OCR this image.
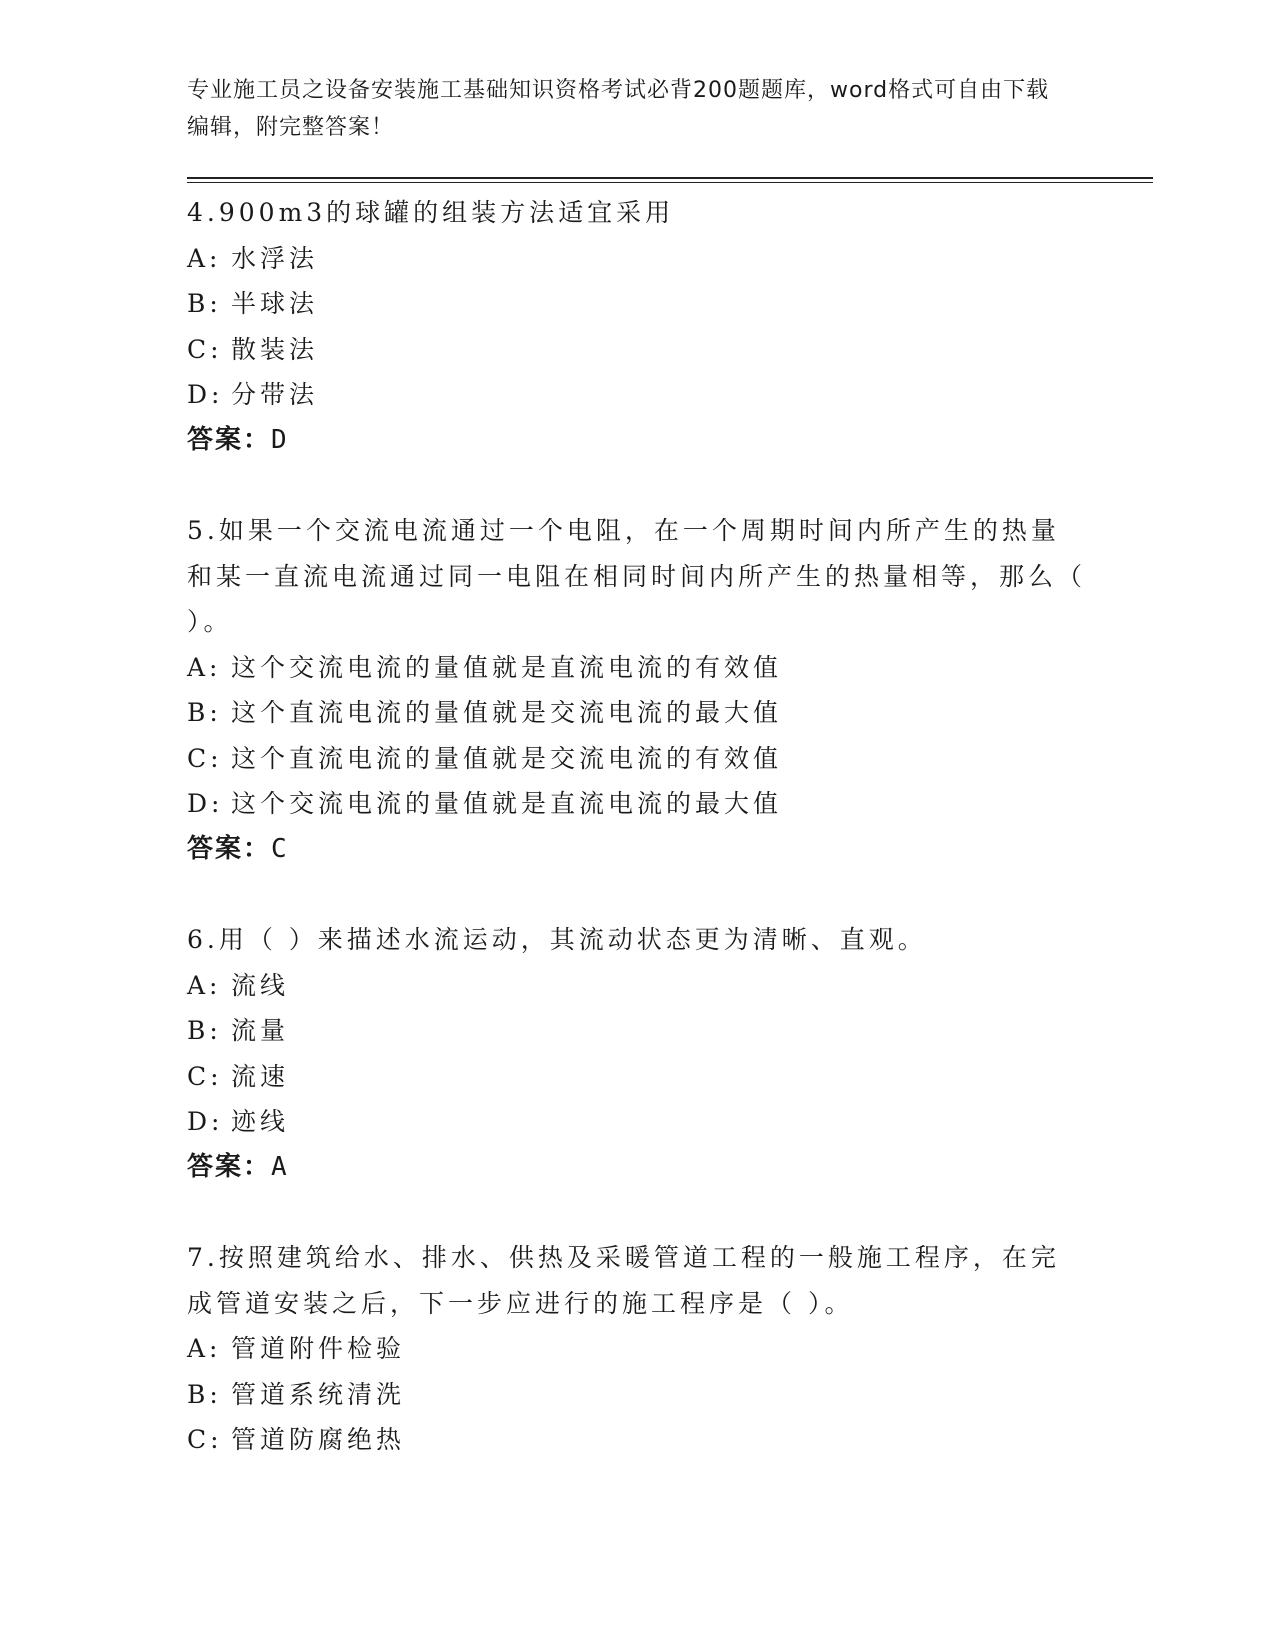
专业施工员之设备安装施工基础知识资格考试必背200题题库，word格式可自由下载编辑，附完整答案！

4.900m3的球罐的组装方法适宜采用

A: 水浮法

B: 半球法

C: 散装法

D: 分带法

答案：D

5.如果一个交流电流通过一个电阻，在一个周期时间内所产生的热量和某一直流电流通过同一电阻在相同时间内所产生的热量相等，那么（ ）。

A: 这个交流电流的量值就是直流电流的有效值

B: 这个直流电流的量值就是交流电流的最大值

C: 这个直流电流的量值就是交流电流的有效值

D: 这个交流电流的量值就是直流电流的最大值

答案：C

6.用（ ）来描述水流运动，其流动状态更为清晰、直观。

A: 流线

B: 流量

C: 流速

D: 迹线

答案：A

7.按照建筑给水、排水、供热及采暖管道工程的一般施工程序，在完成管道安装之后，下一步应进行的施工程序是（ ）。

A: 管道附件检验

B: 管道系统清洗

C: 管道防腐绝热
